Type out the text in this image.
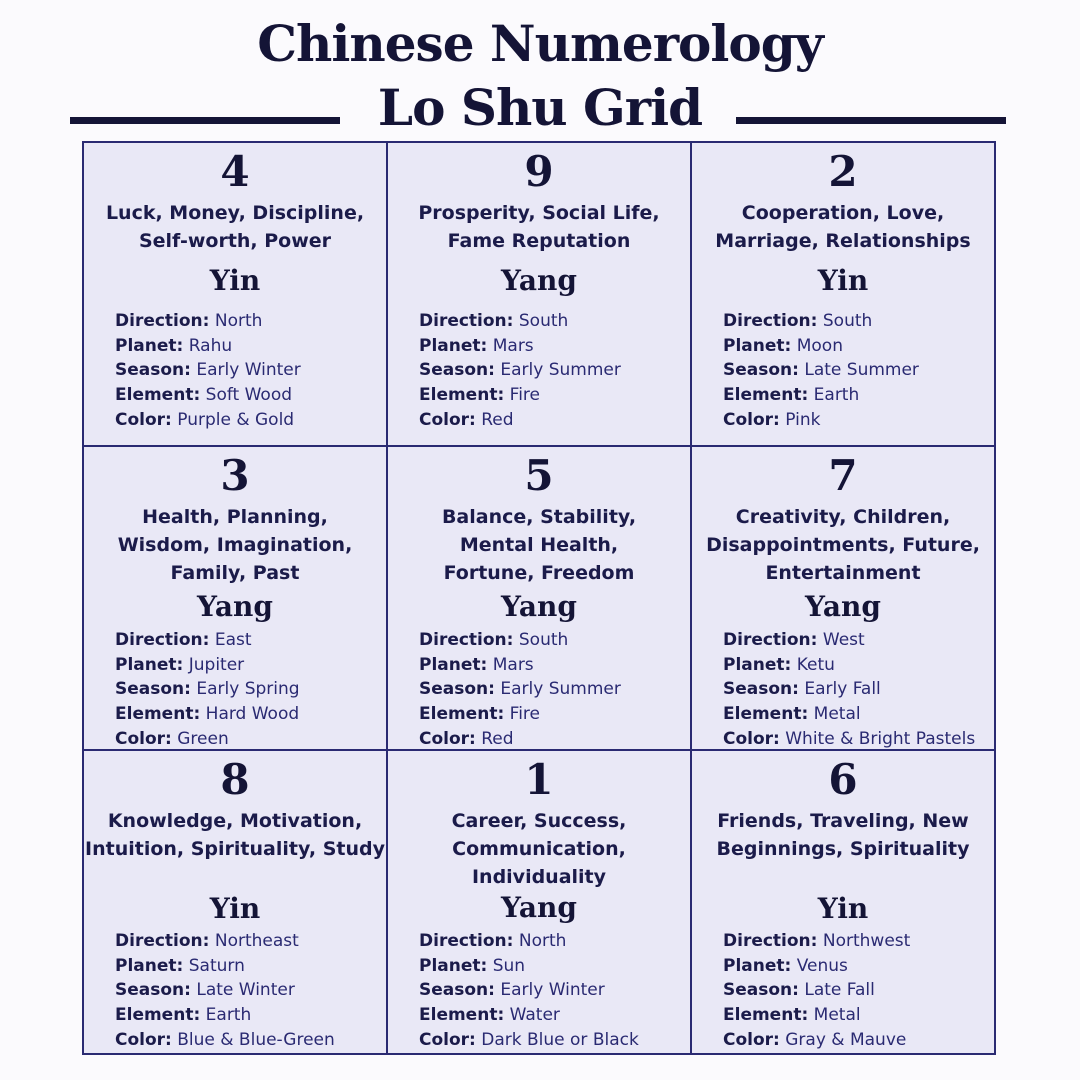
Chinese Numerology
Lo Shu Grid
4
Luck, Money, Discipline,
Self-worth, Power
Yin
Direction: North
Planet: Rahu
Season: Early Winter
Element: Soft Wood
Color: Purple & Gold
9
Prosperity, Social Life,
Fame Reputation
Yang
Direction: South
Planet: Mars
Season: Early Summer
Element: Fire
Color: Red
2
Cooperation, Love,
Marriage, Relationships
Yin
Direction: South
Planet: Moon
Season: Late Summer
Element: Earth
Color: Pink
3
Health, Planning,
Wisdom, Imagination,
Family, Past
Yang
Direction: East
Planet: Jupiter
Season: Early Spring
Element: Hard Wood
Color: Green
5
Balance, Stability,
Mental Health,
Fortune, Freedom
Yang
Direction: South
Planet: Mars
Season: Early Summer
Element: Fire
Color: Red
7
Creativity, Children,
Disappointments, Future,
Entertainment
Yang
Direction: West
Planet: Ketu
Season: Early Fall
Element: Metal
Color: White & Bright Pastels
8
Knowledge, Motivation,
Intuition, Spirituality, Study
Yin
Direction: Northeast
Planet: Saturn
Season: Late Winter
Element: Earth
Color: Blue & Blue-Green
1
Career, Success,
Communication,
Individuality
Yang
Direction: North
Planet: Sun
Season: Early Winter
Element: Water
Color: Dark Blue or Black
6
Friends, Traveling, New
Beginnings, Spirituality
Yin
Direction: Northwest
Planet: Venus
Season: Late Fall
Element: Metal
Color: Gray & Mauve
